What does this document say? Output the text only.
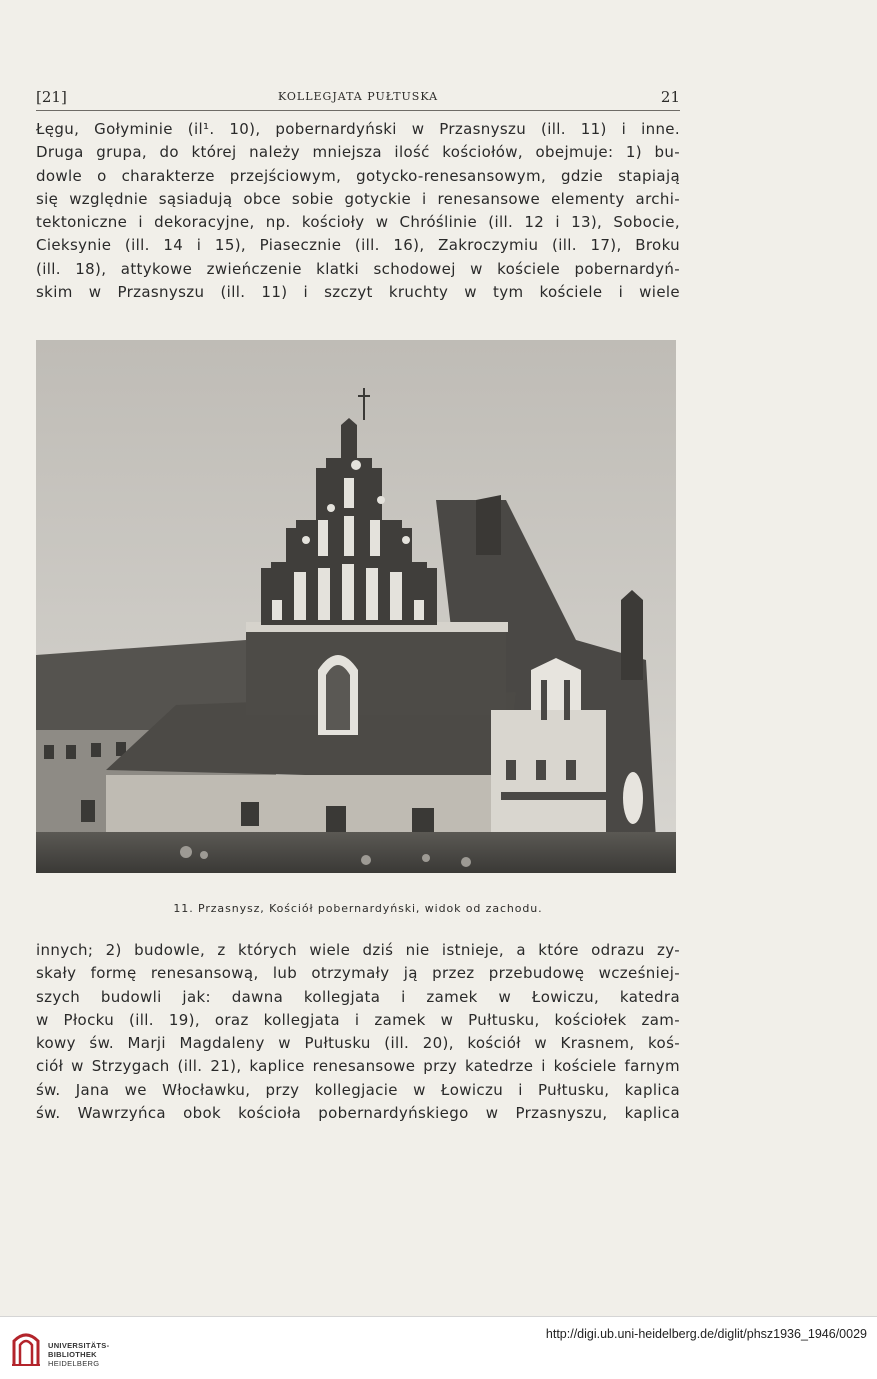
[21]	KOLLEGJATA PUŁTUSKA	21
Łęgu, Gołyminie (il¹. 10), pobernardyński w Przasnyszu (ill. 11) i inne.
Druga grupa, do której należy mniejsza ilość kościołów, obejmuje: 1) bu-
dowle o charakterze przejściowym, gotycko-renesansowym, gdzie stapiają
się względnie sąsiadują obce sobie gotyckie i renesansowe elementy archi-
tektoniczne i dekoracyjne, np. kościoły w Chróślinie (ill. 12 i 13), Sobocie,
Cieksynie (ill. 14 i 15), Piasecznie (ill. 16), Zakroczymiu (ill. 17), Broku
(ill. 18), attykowe zwieńczenie klatki schodowej w kościele pobernardyń-
skim w Przasnyszu (ill. 11) i szczyt kruchty w tym kościele i wiele
11. Przasnysz, Kościół pobernardyński, widok od zachodu.
innych; 2) budowle, z których wiele dziś nie istnieje, a które odrazu zy-
skały formę renesansową, lub otrzymały ją przez przebudowę wcześniej-
szych budowli jak: dawna kollegjata i zamek w Łowiczu, katedra
w Płocku (ill. 19), oraz kollegjata i zamek w Pułtusku, kościołek zam-
kowy św. Marji Magdaleny w Pułtusku (ill. 20), kościół w Krasnem, koś-
ciół w Strzygach (ill. 21), kaplice renesansowe przy katedrze i kościele farnym
św. Jana we Włocławku, przy kollegjacie w Łowiczu i Pułtusku, kaplica
św. Wawrzyńca obok kościoła pobernardyńskiego w Przasnyszu, kaplica
UNIVERSITÄTS-
BIBLIOTHEK
HEIDELBERG
http://digi.ub.uni-heidelberg.de/diglit/phsz1936_1946/0029
